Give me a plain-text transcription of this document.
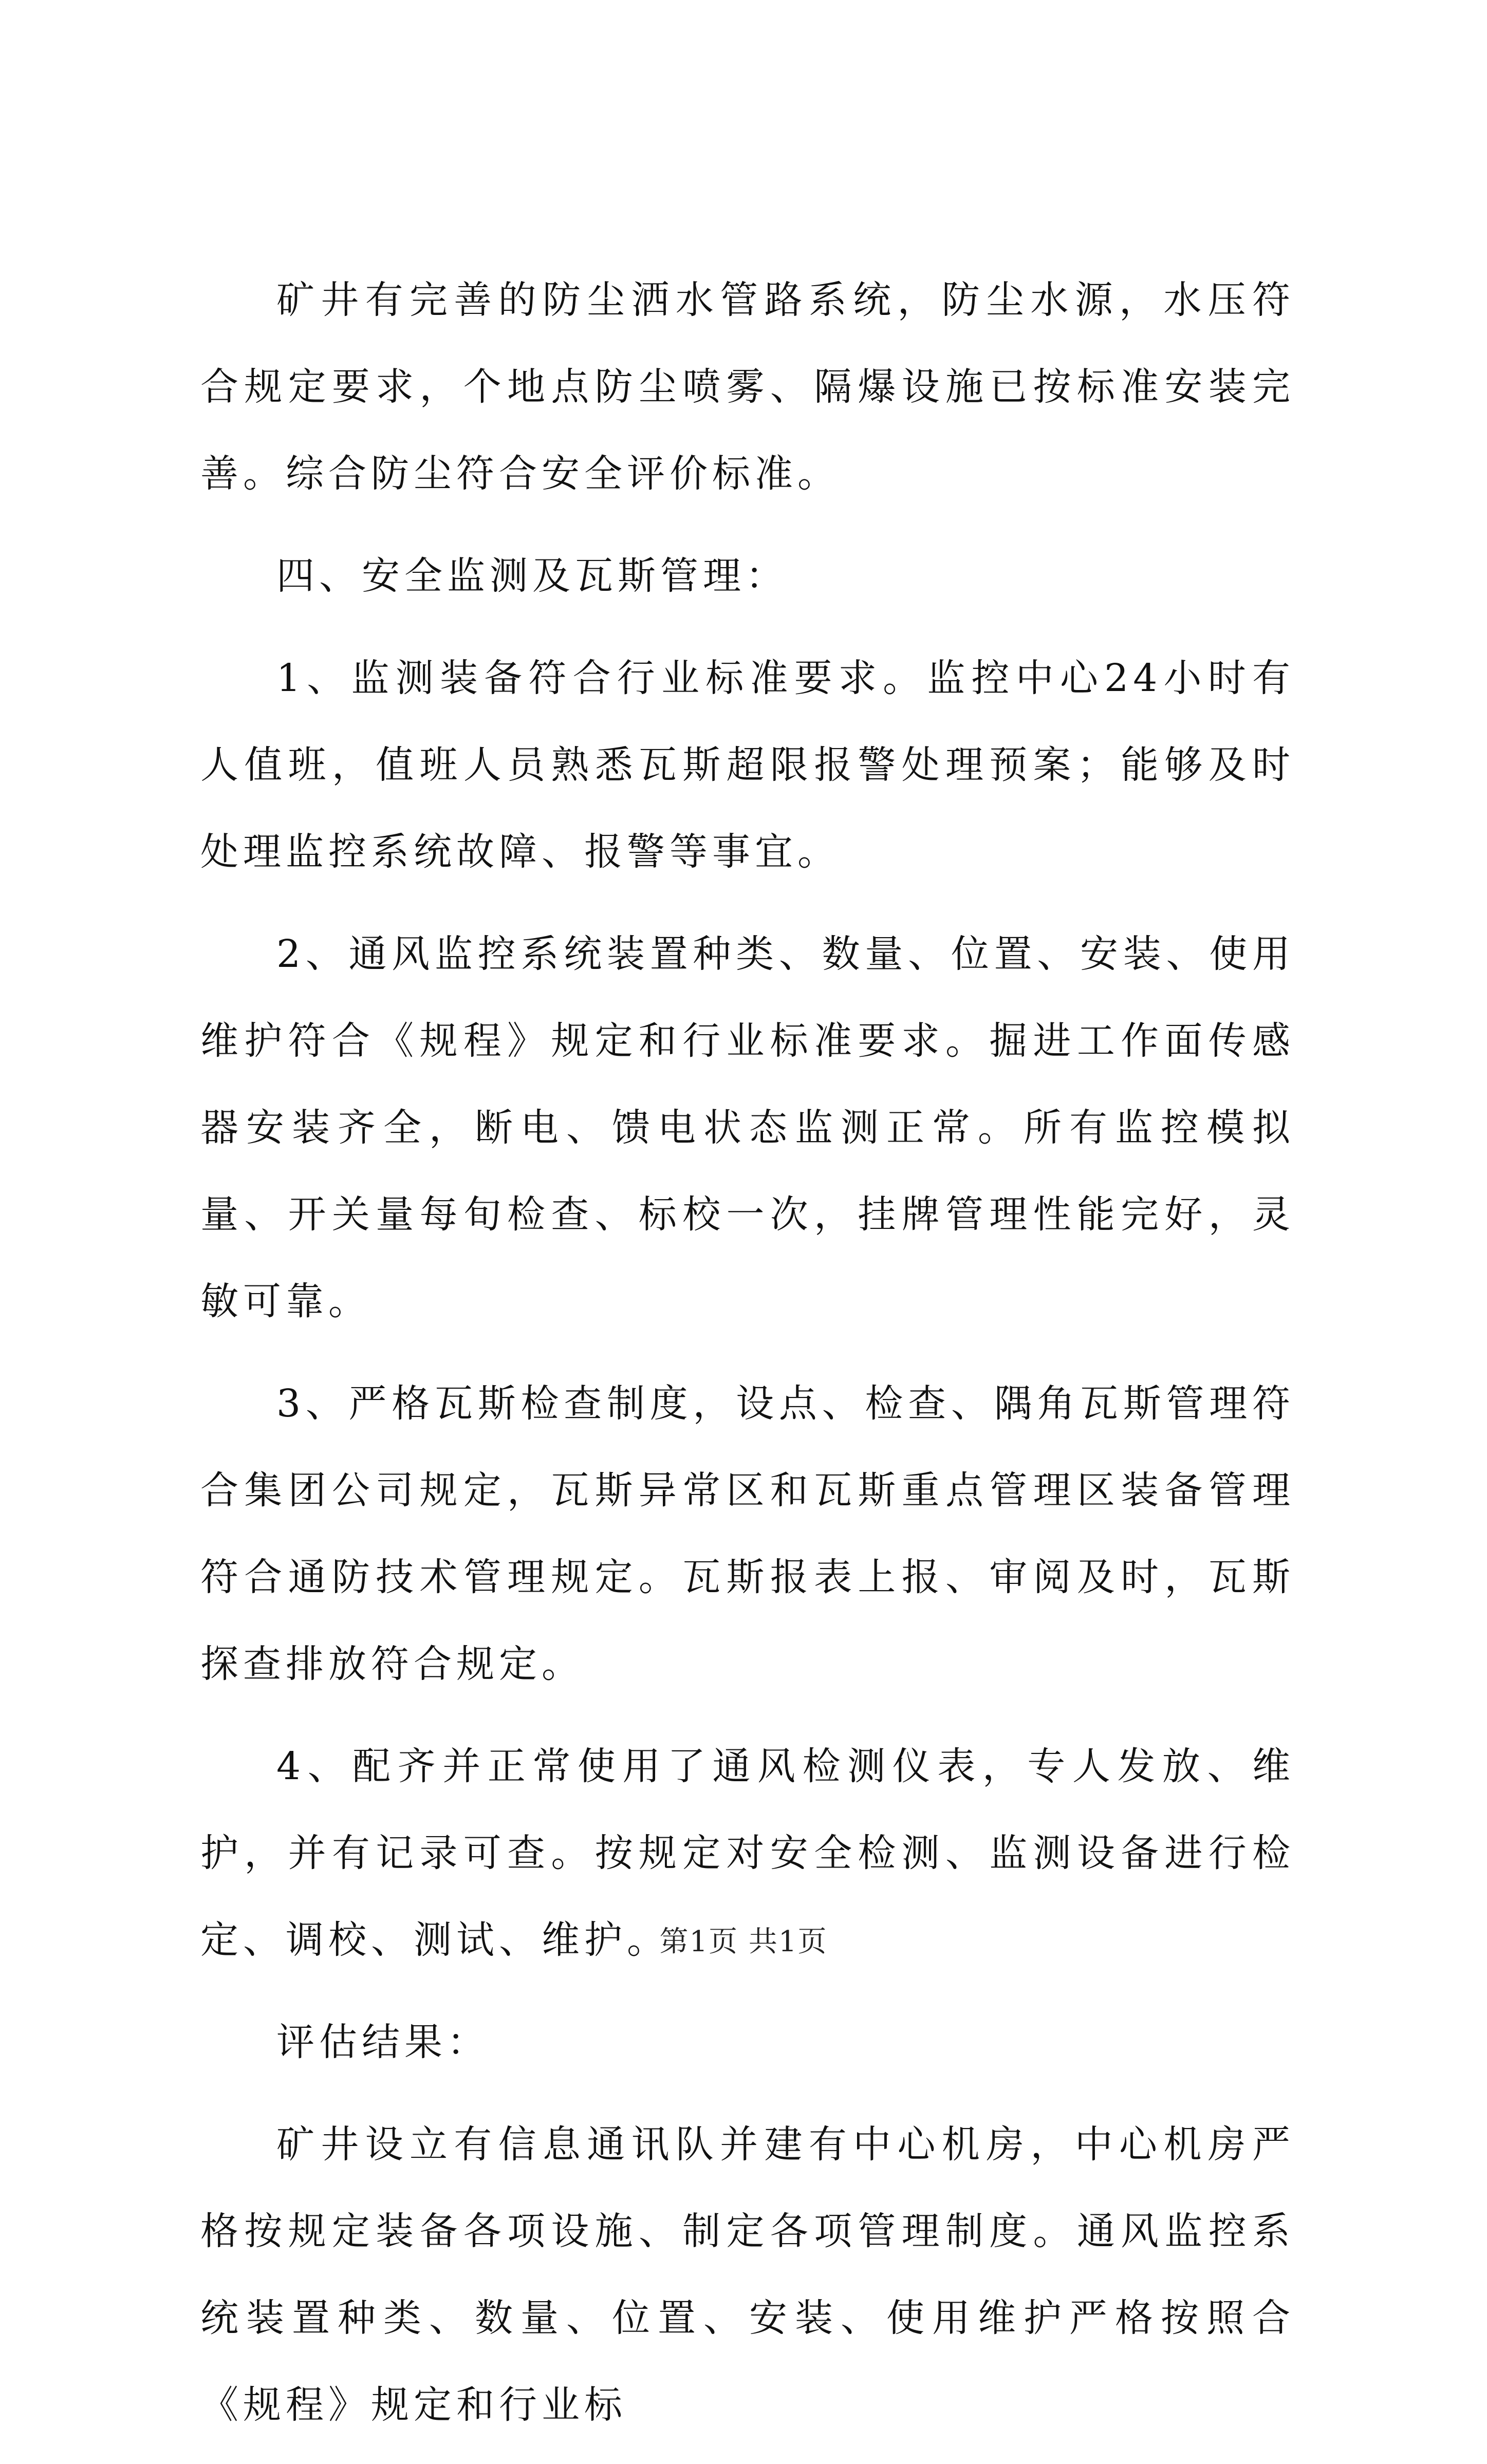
矿井有完善的防尘洒水管路系统，防尘水源，水压符合规定要求，个地点防尘喷雾、隔爆设施已按标准安装完善。综合防尘符合安全评价标准。

四、安全监测及瓦斯管理：

1、监测装备符合行业标准要求。监控中心24小时有人值班，值班人员熟悉瓦斯超限报警处理预案；能够及时处理监控系统故障、报警等事宜。

2、通风监控系统装置种类、数量、位置、安装、使用维护符合《规程》规定和行业标准要求。掘进工作面传感器安装齐全，断电、馈电状态监测正常。所有监控模拟量、开关量每旬检查、标校一次，挂牌管理性能完好，灵敏可靠。

3、严格瓦斯检查制度，设点、检查、隅角瓦斯管理符合集团公司规定，瓦斯异常区和瓦斯重点管理区装备管理符合通防技术管理规定。瓦斯报表上报、审阅及时，瓦斯探查排放符合规定。

4、配齐并正常使用了通风检测仪表，专人发放、维护，并有记录可查。按规定对安全检测、监测设备进行检定、调校、测试、维护。

评估结果：

矿井设立有信息通讯队并建有中心机房，中心机房严格按规定装备各项设施、制定各项管理制度。通风监控系统装置种类、数量、位置、安装、使用维护严格按照合《规程》规定和行业标

第1页 共1页
